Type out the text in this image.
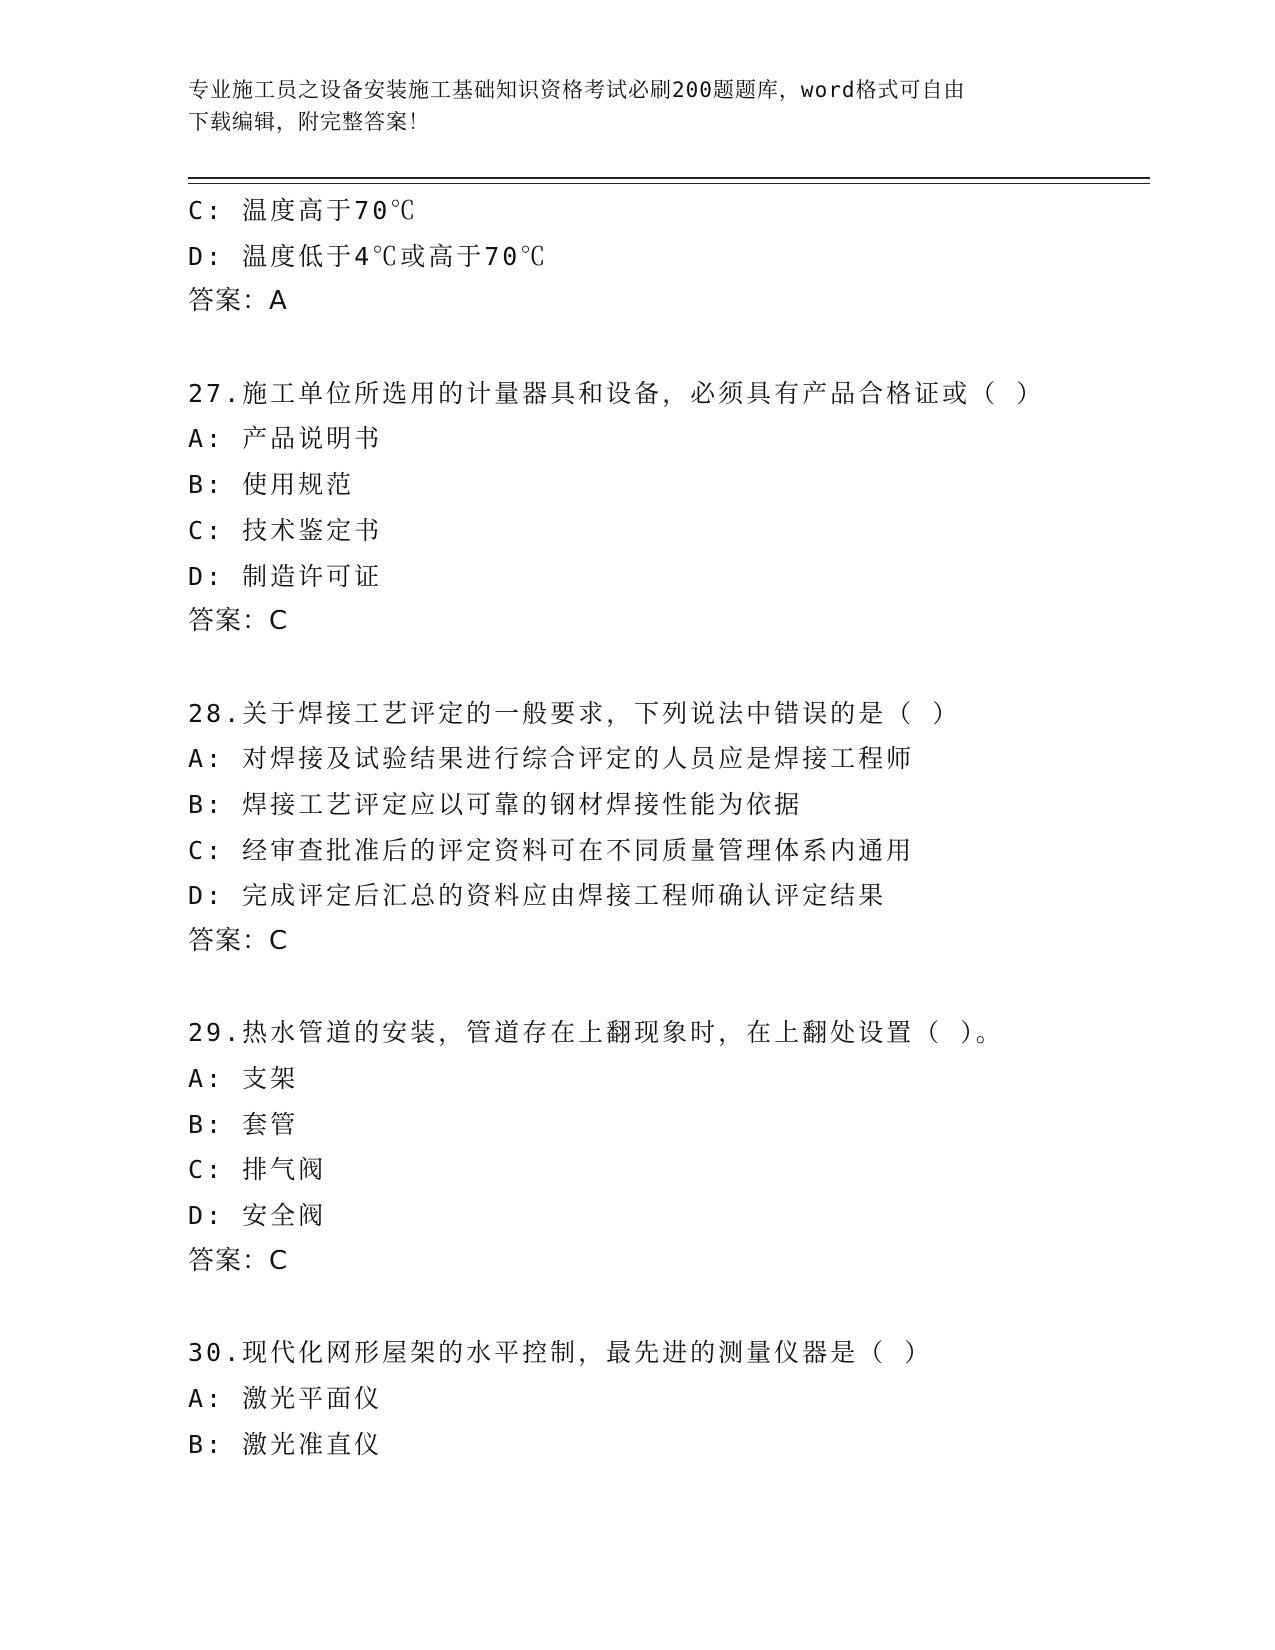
专业施工员之设备安装施工基础知识资格考试必刷200题题库，word格式可自由
下载编辑，附完整答案！
C: 温度高于70℃
D: 温度低于4℃或高于70℃
答案：A
27.施工单位所选用的计量器具和设备，必须具有产品合格证或（ ）
A: 产品说明书
B: 使用规范
C: 技术鉴定书
D: 制造许可证
答案：C
28.关于焊接工艺评定的一般要求，下列说法中错误的是（ ）
A: 对焊接及试验结果进行综合评定的人员应是焊接工程师
B: 焊接工艺评定应以可靠的钢材焊接性能为依据
C: 经审查批准后的评定资料可在不同质量管理体系内通用
D: 完成评定后汇总的资料应由焊接工程师确认评定结果
答案：C
29.热水管道的安装，管道存在上翻现象时，在上翻处设置（ ）。
A: 支架
B: 套管
C: 排气阀
D: 安全阀
答案：C
30.现代化网形屋架的水平控制，最先进的测量仪器是（ ）
A: 激光平面仪
B: 激光准直仪
